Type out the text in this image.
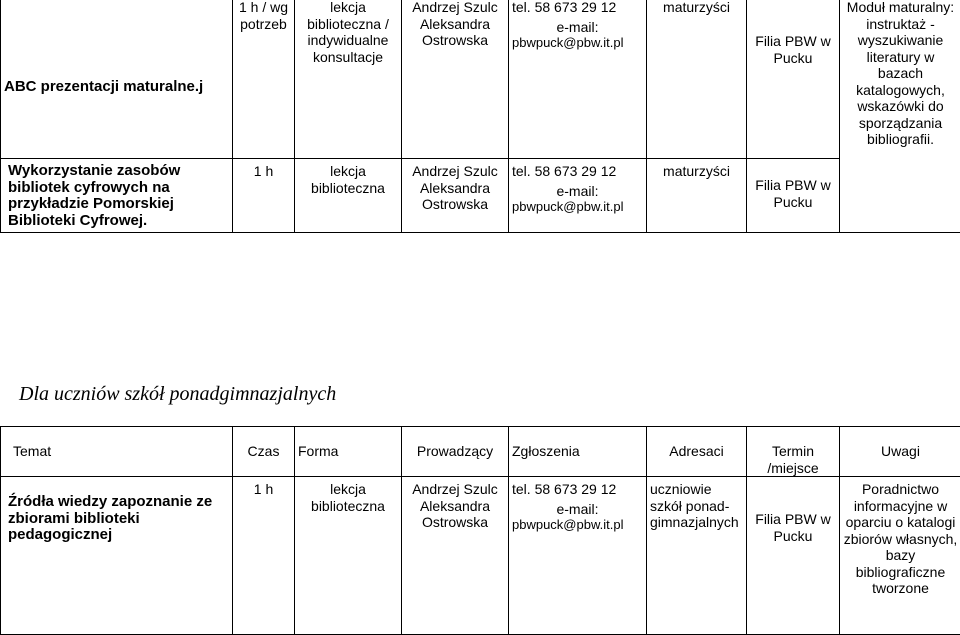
ABC prezentacji maturalne.j	1 h / wg potrzeb	lekcja biblioteczna / indywidualne konsultacje	Andrzej Szulc Aleksandra Ostrowska	tel. 58 673 29 12
e-mail:
pbwpuck@pbw.it.pl	maturzyści	Filia PBW w Pucku	Moduł maturalny: instruktaż - wyszukiwanie literatury w bazach katalogowych, wskazówki do sporządzania bibliografii.
Wykorzystanie zasobów bibliotek cyfrowych na przykładzie Pomorskiej Biblioteki Cyfrowej.	1 h	lekcja biblioteczna	Andrzej Szulc Aleksandra Ostrowska	tel. 58 673 29 12
e-mail:
pbwpuck@pbw.it.pl	maturzyści	Filia PBW w Pucku	
Dla uczniów szkół ponadgimnazjalnych
Temat	Czas	Forma	Prowadzący	Zgłoszenia	Adresaci	Termin /miejsce	Uwagi
Źródła wiedzy zapoznanie ze zbiorami biblioteki pedagogicznej	1 h	lekcja biblioteczna	Andrzej Szulc Aleksandra Ostrowska	tel. 58 673 29 12
e-mail:
pbwpuck@pbw.it.pl	uczniowie szkół ponad-gimnazjalnych	Filia PBW w Pucku	Poradnictwo informacyjne w oparciu o katalogi zbiorów własnych, bazy bibliograficzne tworzone
